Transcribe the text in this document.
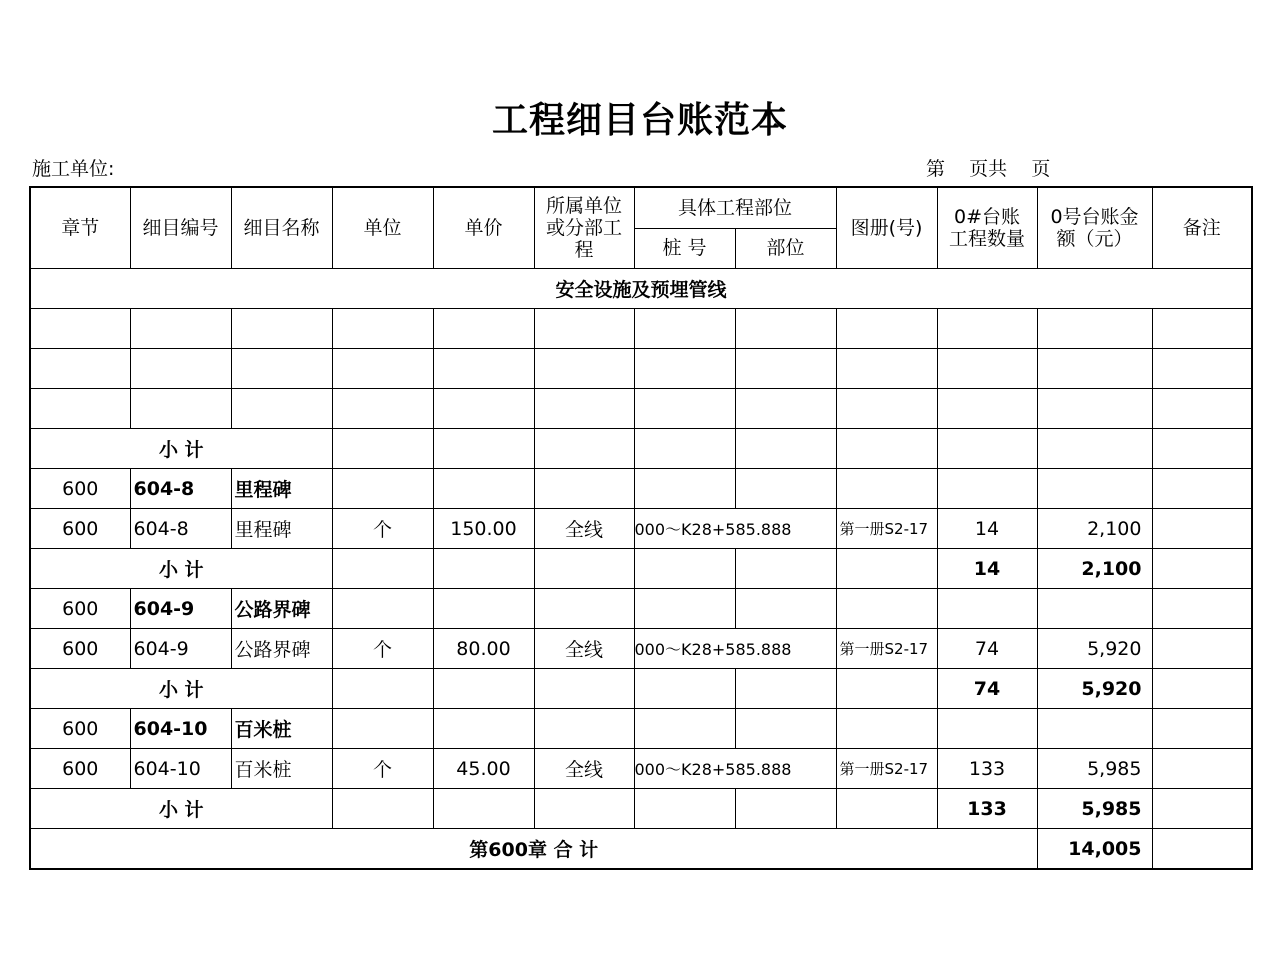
工程细目台账范本
施工单位:	第    页共    页
章节	细目编号	细目名称	单位	单价	所属单位或分部工程	具体工程部位		图册(号)	0#台账工程数量	0号台账金额（元）	备注
						桩 号	部位				
安全设施及预埋管线											

小 计											
600	604-8	里程碑									
600	604-8	里程碑	个	150.00	全线	000～K28+585.888		第一册S2-17	14	2,100	
小 计									14	2,100	
600	604-9	公路界碑									
600	604-9	公路界碑	个	80.00	全线	000～K28+585.888		第一册S2-17	74	5,920	
小 计									74	5,920	
600	604-10	百米桩									
600	604-10	百米桩	个	45.00	全线	000～K28+585.888		第一册S2-17	133	5,985	
小 计									133	5,985	
第600章 合 计										14,005	
